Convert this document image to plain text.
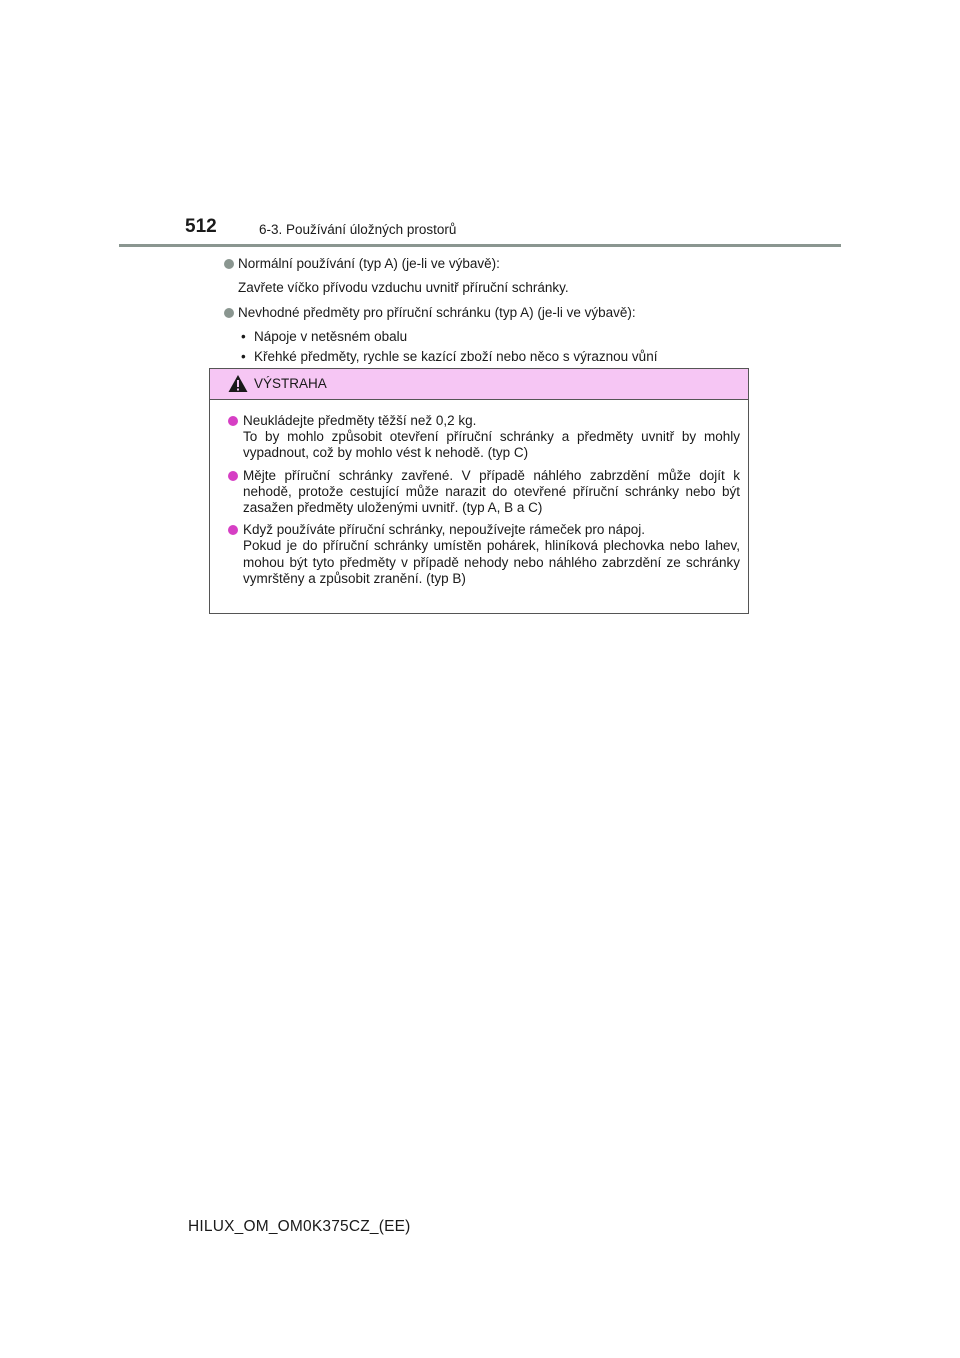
512	6-3. Používání úložných prostorů
Normální používání (typ A) (je-li ve výbavě):
Zavřete víčko přívodu vzduchu uvnitř příruční schránky.
Nevhodné předměty pro příruční schránku (typ A) (je-li ve výbavě):
• Nápoje v netěsném obalu
• Křehké předměty, rychle se kazící zboží nebo něco s výraznou vůní
VÝSTRAHA
Neukládejte předměty těžší než 0,2 kg.
To by mohlo způsobit otevření příruční schránky a předměty uvnitř by mohly vypadnout, což by mohlo vést k nehodě. (typ C)
Mějte příruční schránky zavřené. V případě náhlého zabrzdění může dojít k nehodě, protože cestující může narazit do otevřené příruční schránky nebo být zasažen předměty uloženými uvnitř. (typ A, B a C)
Když používáte příruční schránky, nepoužívejte rámeček pro nápoj.
Pokud je do příruční schránky umístěn pohárek, hliníková plechovka nebo lahev, mohou být tyto předměty v případě nehody nebo náhlého zabrzdění ze schránky vymrštěny a způsobit zranění. (typ B)
HILUX_OM_OM0K375CZ_(EE)
